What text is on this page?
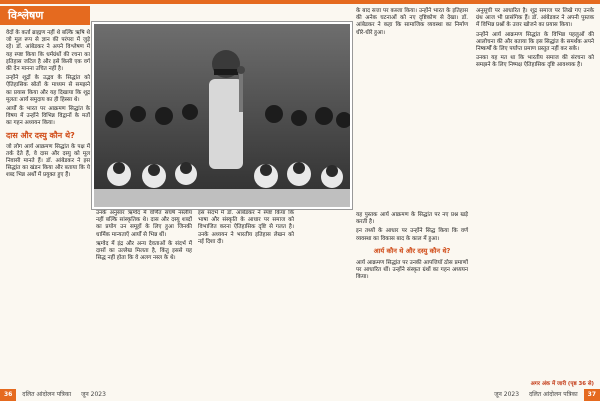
विश्लेषण

वेदों के कर्ता ब्राह्मण नहीं थे बल्कि ऋषि थे जो मूल रूप से ज्ञान की परंपरा में जुड़े रहे। डॉ. आंबेडकर ने अपने विश्लेषण में यह स्पष्ट किया कि धर्मग्रंथों की रचना का इतिहास जटिल है और इसे किसी एक वर्ग की देन मानना उचित नहीं है।

उन्होंने शूद्रों के उद्भव के सिद्धांत को ऐतिहासिक स्रोतों के माध्यम से समझने का प्रयास किया और यह दिखाया कि शूद्र मूलतः आर्य समुदाय का ही हिस्सा थे।

आर्यों के भारत पर आक्रमण सिद्धांत के विषय में उन्होंने विभिन्न विद्वानों के मतों का गहन अध्ययन किया।

दास और दस्यु कौन थे?

जो लोग आर्य आक्रमण सिद्धांत के पक्ष में तर्क देते हैं, वे दास और दस्यु को मूल निवासी मानते हैं। डॉ. आंबेडकर ने इस सिद्धांत का खंडन किया और बताया कि ये शब्द भिन्न अर्थों में प्रयुक्त हुए हैं।

उनके अनुसार ऋग्वेद में वर्णित संघर्ष नस्लीय नहीं बल्कि सांस्कृतिक थे। दास और दस्यु शब्दों का प्रयोग उन समूहों के लिए हुआ जिनकी धार्मिक मान्यताएँ आर्यों से भिन्न थीं।

ऋग्वेद में इंद्र और अन्य देवताओं के संदर्भ में दासों का उल्लेख मिलता है, किंतु इससे यह सिद्ध नहीं होता कि वे अलग नस्ल के थे।

इस संदर्भ में डॉ. आंबेडकर ने स्पष्ट किया कि भाषा और संस्कृति के आधार पर समाज को विभाजित करना ऐतिहासिक दृष्टि से गलत है। उनके अध्ययन ने भारतीय इतिहास लेखन को नई दिशा दी।

36 दलित आंदोलन पत्रिका जून 2023

के बाद सत्ता पर कब्जा किया। उन्होंने भारत के इतिहास की अनेक घटनाओं को नए दृष्टिकोण से देखा। डॉ. आंबेडकर ने कहा कि सामाजिक व्यवस्था का निर्माण धीरे-धीरे हुआ।

यह पुस्तक आर्य आक्रमण के सिद्धांत पर नए प्रश्न खड़े करती है।

इन तथ्यों के आधार पर उन्होंने सिद्ध किया कि वर्ण व्यवस्था का विकास बाद के काल में हुआ।

आर्य कौन थे और दस्यु कौन थे?

आर्य आक्रमण सिद्धांत पर उनकी आपत्तियाँ ठोस प्रमाणों पर आधारित थीं। उन्होंने संस्कृत ग्रंथों का गहन अध्ययन किया।

अनुसूची पर आधारित है। शूद्र समाज पर लिखे गए उनके ग्रंथ आज भी प्रासंगिक हैं। डॉ. आंबेडकर ने अपनी पुस्तक में विभिन्न प्रश्नों के उत्तर खोजने का प्रयास किया।

उन्होंने आर्य आक्रमण सिद्धांत के विभिन्न पहलुओं की आलोचना की और बताया कि इस सिद्धांत के समर्थक अपने निष्कर्षों के लिए पर्याप्त प्रमाण प्रस्तुत नहीं कर सके।

उनका यह मत था कि भारतीय समाज की संरचना को समझने के लिए निष्पक्ष ऐतिहासिक दृष्टि आवश्यक है।

अगर अंक में जारी (पृष्ठ 36 से)
जून 2023 दलित आंदोलन पत्रिका 37
